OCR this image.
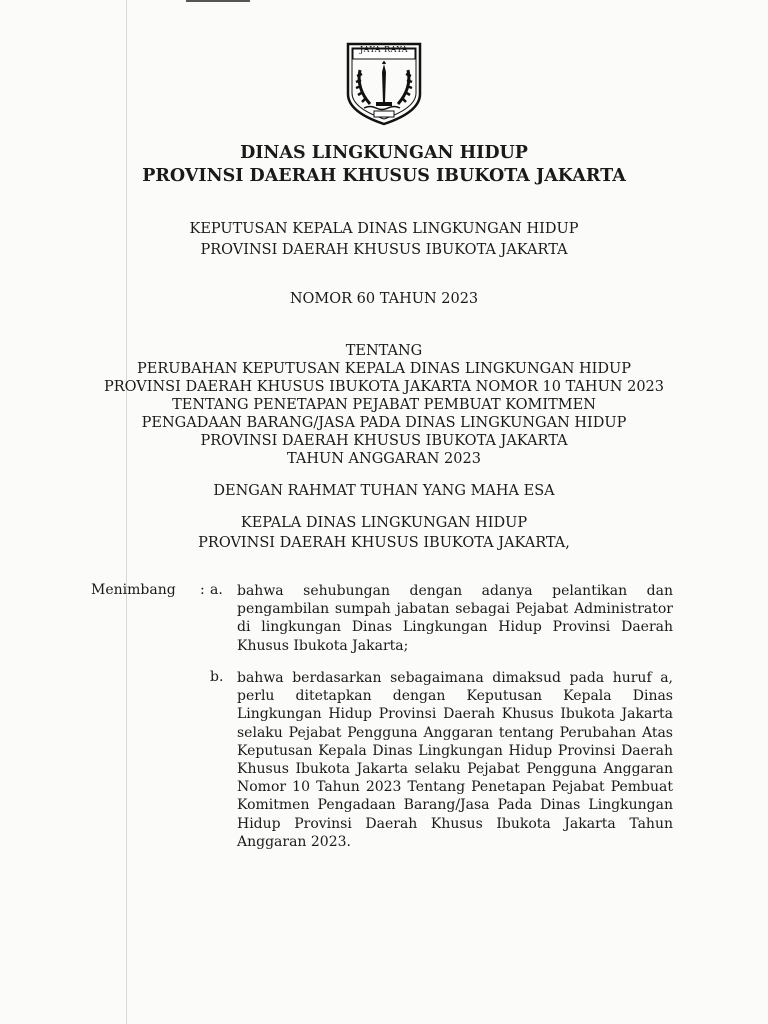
JAYA RAYA
DINAS LINGKUNGAN HIDUP
PROVINSI DAERAH KHUSUS IBUKOTA JAKARTA
KEPUTUSAN KEPALA DINAS LINGKUNGAN HIDUP
PROVINSI DAERAH KHUSUS IBUKOTA JAKARTA
NOMOR 60 TAHUN 2023
TENTANG
PERUBAHAN KEPUTUSAN KEPALA DINAS LINGKUNGAN HIDUP
PROVINSI DAERAH KHUSUS IBUKOTA JAKARTA NOMOR 10 TAHUN 2023
TENTANG PENETAPAN PEJABAT PEMBUAT KOMITMEN
PENGADAAN BARANG/JASA PADA DINAS LINGKUNGAN HIDUP
PROVINSI DAERAH KHUSUS IBUKOTA JAKARTA
TAHUN ANGGARAN 2023
DENGAN RAHMAT TUHAN YANG MAHA ESA
KEPALA DINAS LINGKUNGAN HIDUP
PROVINSI DAERAH KHUSUS IBUKOTA JAKARTA,
Menimbang : a. bahwa sehubungan dengan adanya pelantikan dan pengambilan sumpah jabatan sebagai Pejabat Administrator di lingkungan Dinas Lingkungan Hidup Provinsi Daerah Khusus Ibukota Jakarta;
b. bahwa berdasarkan sebagaimana dimaksud pada huruf a, perlu ditetapkan dengan Keputusan Kepala Dinas Lingkungan Hidup Provinsi Daerah Khusus Ibukota Jakarta selaku Pejabat Pengguna Anggaran tentang Perubahan Atas Keputusan Kepala Dinas Lingkungan Hidup Provinsi Daerah Khusus Ibukota Jakarta selaku Pejabat Pengguna Anggaran Nomor 10 Tahun 2023 Tentang Penetapan Pejabat Pembuat Komitmen Pengadaan Barang/Jasa Pada Dinas Lingkungan Hidup Provinsi Daerah Khusus Ibukota Jakarta Tahun Anggaran 2023.
